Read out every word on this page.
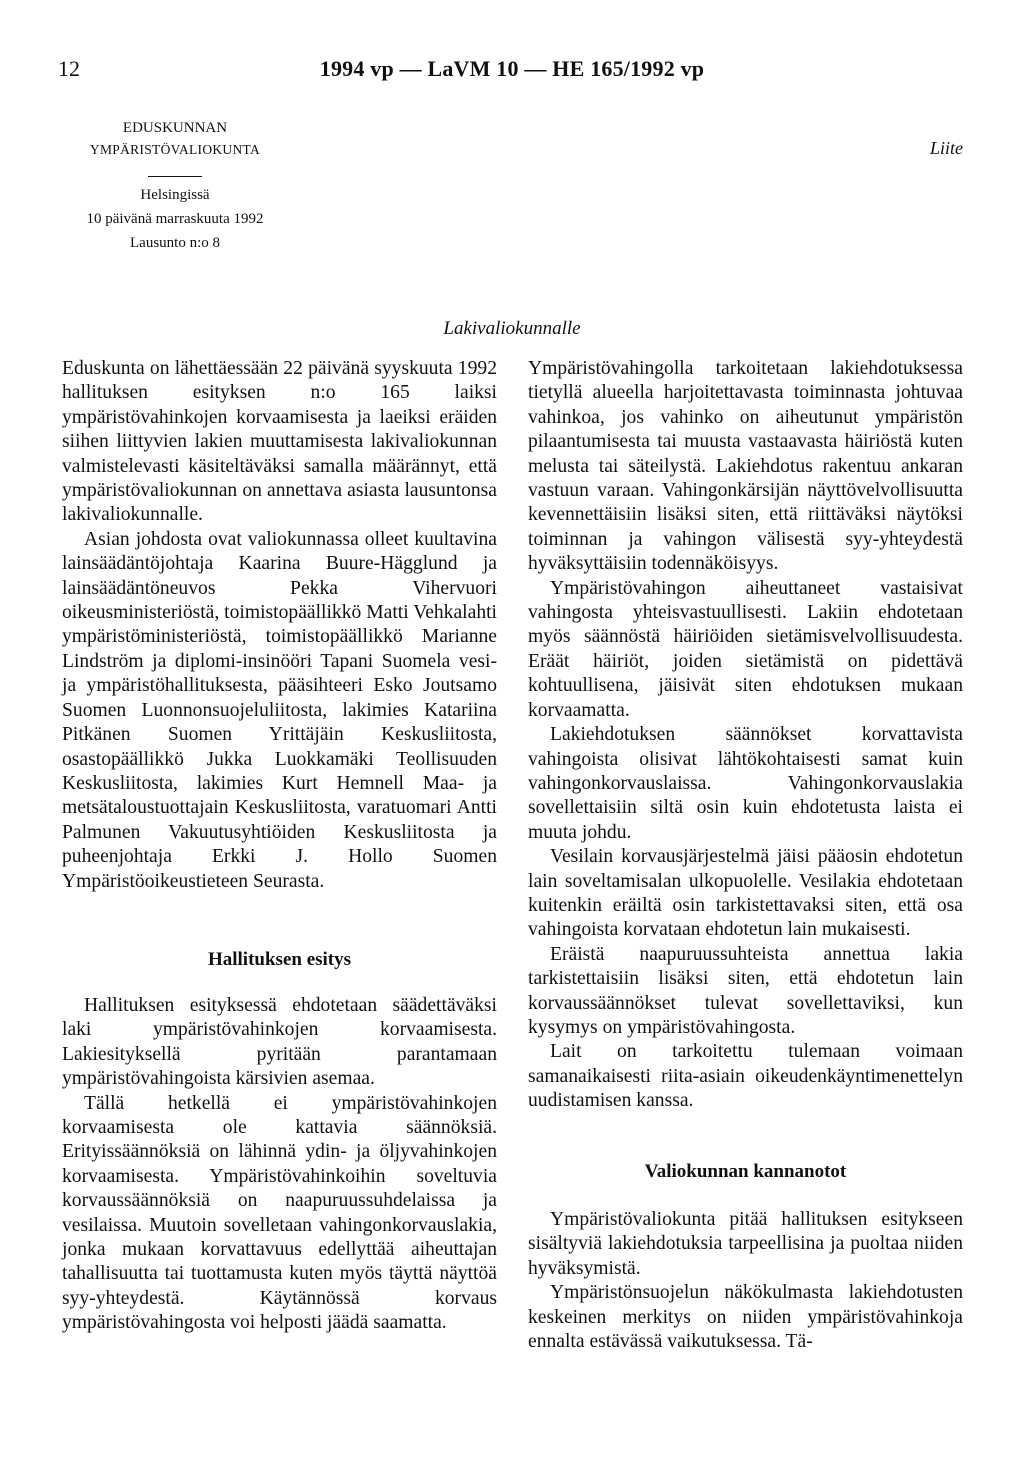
12	1994 vp — LaVM 10 — HE 165/1992 vp
EDUSKUNNAN
YMPÄRISTÖVALIOKUNTA
Helsingissä
10 päivänä marraskuuta 1992
Lausunto n:o 8
Liite
Lakivaliokunnalle

Eduskunta on lähettäessään 22 päivänä syyskuuta 1992 hallituksen esityksen n:o 165 laiksi ympäristövahinkojen korvaamisesta ja laeiksi eräiden siihen liittyvien lakien muuttamisesta lakivaliokunnan valmistelevasti käsiteltäväksi samalla määrännyt, että ympäristövaliokunnan on annettava asiasta lausuntonsa lakivaliokunnalle.

Asian johdosta ovat valiokunnassa olleet kuultavina lainsäädäntöjohtaja Kaarina Buure-Hägglund ja lainsäädäntöneuvos Pekka Vihervuori oikeusministeriöstä, toimistopäällikkö Matti Vehkalahti ympäristöministeriöstä, toimistopäällikkö Marianne Lindström ja diplomi-insinööri Tapani Suomela vesi- ja ympäristöhallituksesta, pääsihteeri Esko Joutsamo Suomen Luonnonsuojeluliitosta, lakimies Katariina Pitkänen Suomen Yrittäjäin Keskusliitosta, osastopäällikkö Jukka Luokkamäki Teollisuuden Keskusliitosta, lakimies Kurt Hemnell Maa- ja metsätaloustuottajain Keskusliitosta, varatuomari Antti Palmunen Vakuutusyhtiöiden Keskusliitosta ja puheenjohtaja Erkki J. Hollo Suomen Ympäristöoikeustieteen Seurasta.

Hallituksen esitys

Hallituksen esityksessä ehdotetaan säädettäväksi laki ympäristövahinkojen korvaamisesta. Lakiesityksellä pyritään parantamaan ympäristövahingoista kärsivien asemaa.

Tällä hetkellä ei ympäristövahinkojen korvaamisesta ole kattavia säännöksiä. Erityissäännöksiä on lähinnä ydin- ja öljyvahinkojen korvaamisesta. Ympäristövahinkoihin soveltuvia korvaussäännöksiä on naapuruussuhdelaissa ja vesilaissa. Muutoin sovelletaan vahingonkorvauslakia, jonka mukaan korvattavuus edellyttää aiheuttajan tahallisuutta tai tuottamusta kuten myös täyttä näyttöä syy-yhteydestä. Käytännössä korvaus ympäristövahingosta voi helposti jäädä saamatta.

Ympäristövahingolla tarkoitetaan lakiehdotuksessa tietyllä alueella harjoitettavasta toiminnasta johtuvaa vahinkoa, jos vahinko on aiheutunut ympäristön pilaantumisesta tai muusta vastaavasta häiriöstä kuten melusta tai säteilystä. Lakiehdotus rakentuu ankaran vastuun varaan. Vahingonkärsijän näyttövelvollisuutta kevennettäisiin lisäksi siten, että riittäväksi näytöksi toiminnan ja vahingon välisestä syy-yhteydestä hyväksyttäisiin todennäköisyys.

Ympäristövahingon aiheuttaneet vastaisivat vahingosta yhteisvastuullisesti. Lakiin ehdotetaan myös säännöstä häiriöiden sietämisvelvollisuudesta. Eräät häiriöt, joiden sietämistä on pidettävä kohtuullisena, jäisivät siten ehdotuksen mukaan korvaamatta.

Lakiehdotuksen säännökset korvattavista vahingoista olisivat lähtökohtaisesti samat kuin vahingonkorvauslaissa. Vahingonkorvauslakia sovellettaisiin siltä osin kuin ehdotetusta laista ei muuta johdu.

Vesilain korvausjärjestelmä jäisi pääosin ehdotetun lain soveltamisalan ulkopuolelle. Vesilakia ehdotetaan kuitenkin eräiltä osin tarkistettavaksi siten, että osa vahingoista korvataan ehdotetun lain mukaisesti.

Eräistä naapuruussuhteista annettua lakia tarkistettaisiin lisäksi siten, että ehdotetun lain korvaussäännökset tulevat sovellettaviksi, kun kysymys on ympäristövahingosta.

Lait on tarkoitettu tulemaan voimaan samanaikaisesti riita-asiain oikeudenkäyntimenettelyn uudistamisen kanssa.

Valiokunnan kannanotot

Ympäristövaliokunta pitää hallituksen esitykseen sisältyviä lakiehdotuksia tarpeellisina ja puoltaa niiden hyväksymistä.

Ympäristönsuojelun näkökulmasta lakiehdotusten keskeinen merkitys on niiden ympäristövahinkoja ennalta estävässä vaikutuksessa. Tä-
